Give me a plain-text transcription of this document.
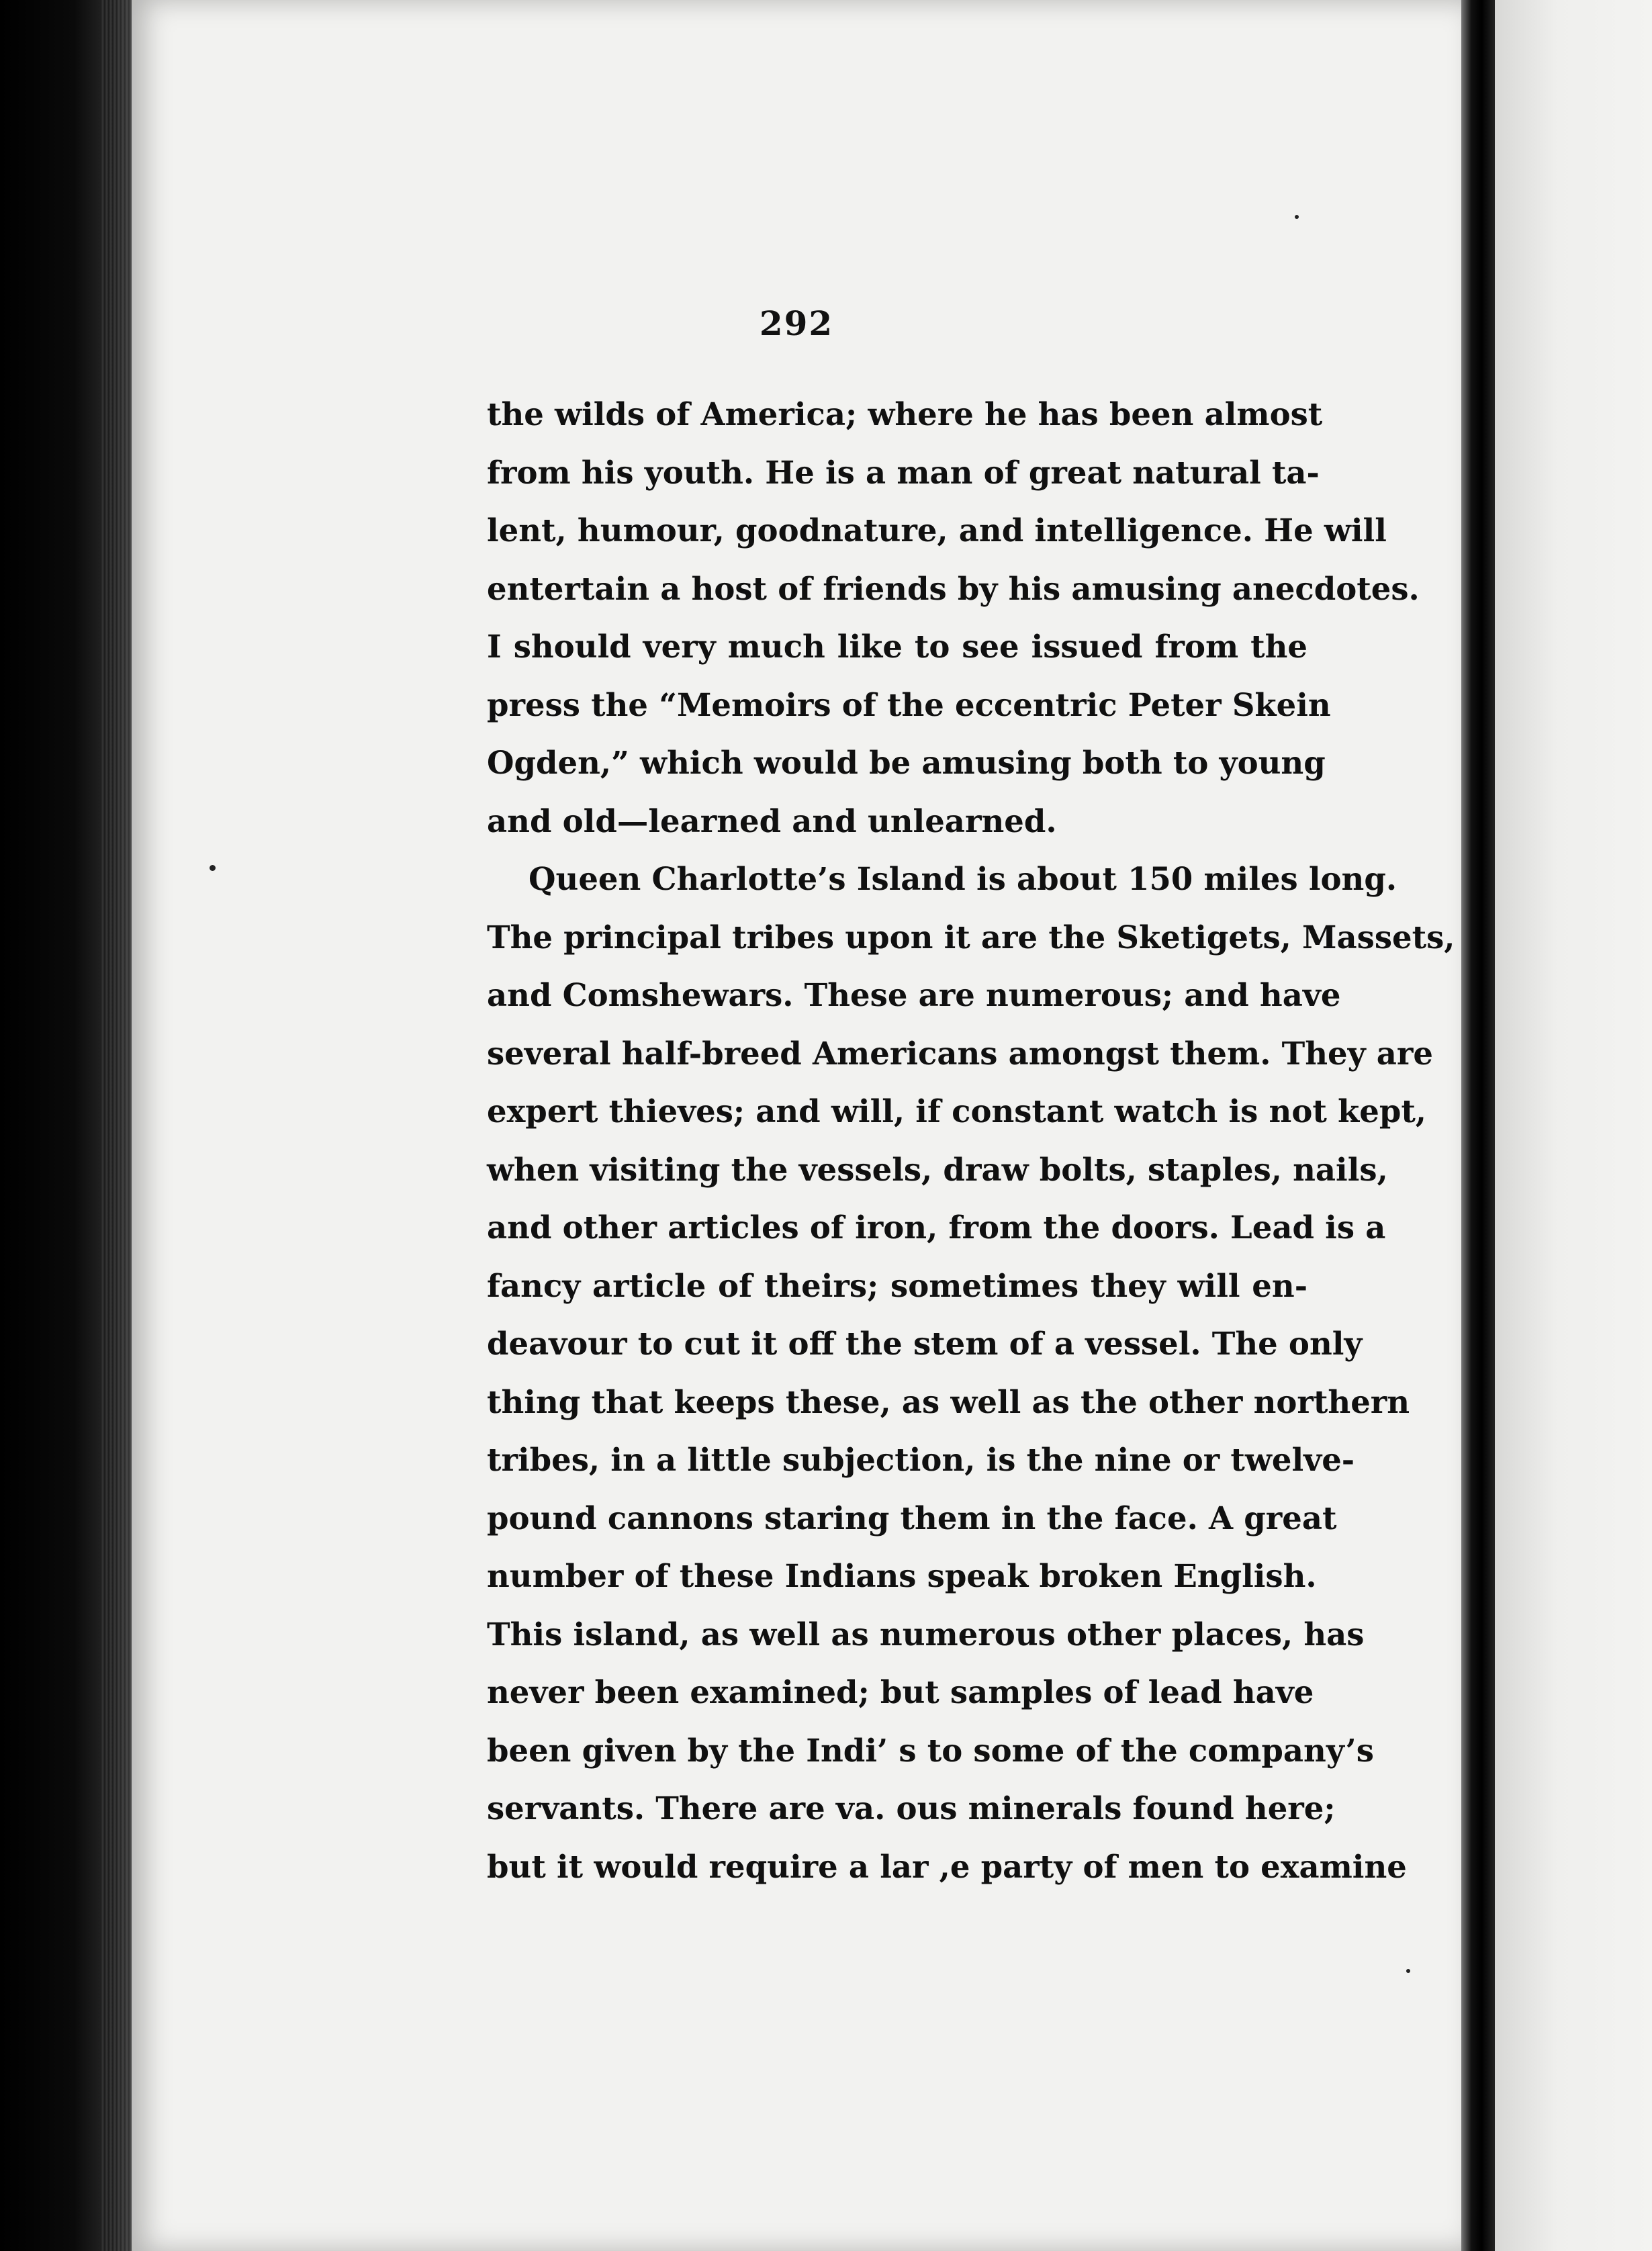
292
the wilds of America; where he has been almost
from his youth. He is a man of great natural ta-
lent, humour, goodnature, and intelligence. He will
entertain a host of friends by his amusing anecdotes.
I should very much like to see issued from the
press the “Memoirs of the eccentric Peter Skein
Ogden,” which would be amusing both to young
and old—learned and unlearned.
Queen Charlotte’s Island is about 150 miles long.
The principal tribes upon it are the Sketigets, Massets,
and Comshewars. These are numerous; and have
several half-breed Americans amongst them. They are
expert thieves; and will, if constant watch is not kept,
when visiting the vessels, draw bolts, staples, nails,
and other articles of iron, from the doors. Lead is a
fancy article of theirs; sometimes they will en-
deavour to cut it off the stem of a vessel. The only
thing that keeps these, as well as the other northern
tribes, in a little subjection, is the nine or twelve-
pound cannons staring them in the face. A great
number of these Indians speak broken English.
This island, as well as numerous other places, has
never been examined; but samples of lead have
been given by the Indi’ s to some of the company’s
servants. There are va. ous minerals found here;
but it would require a lar ,e party of men to examine
